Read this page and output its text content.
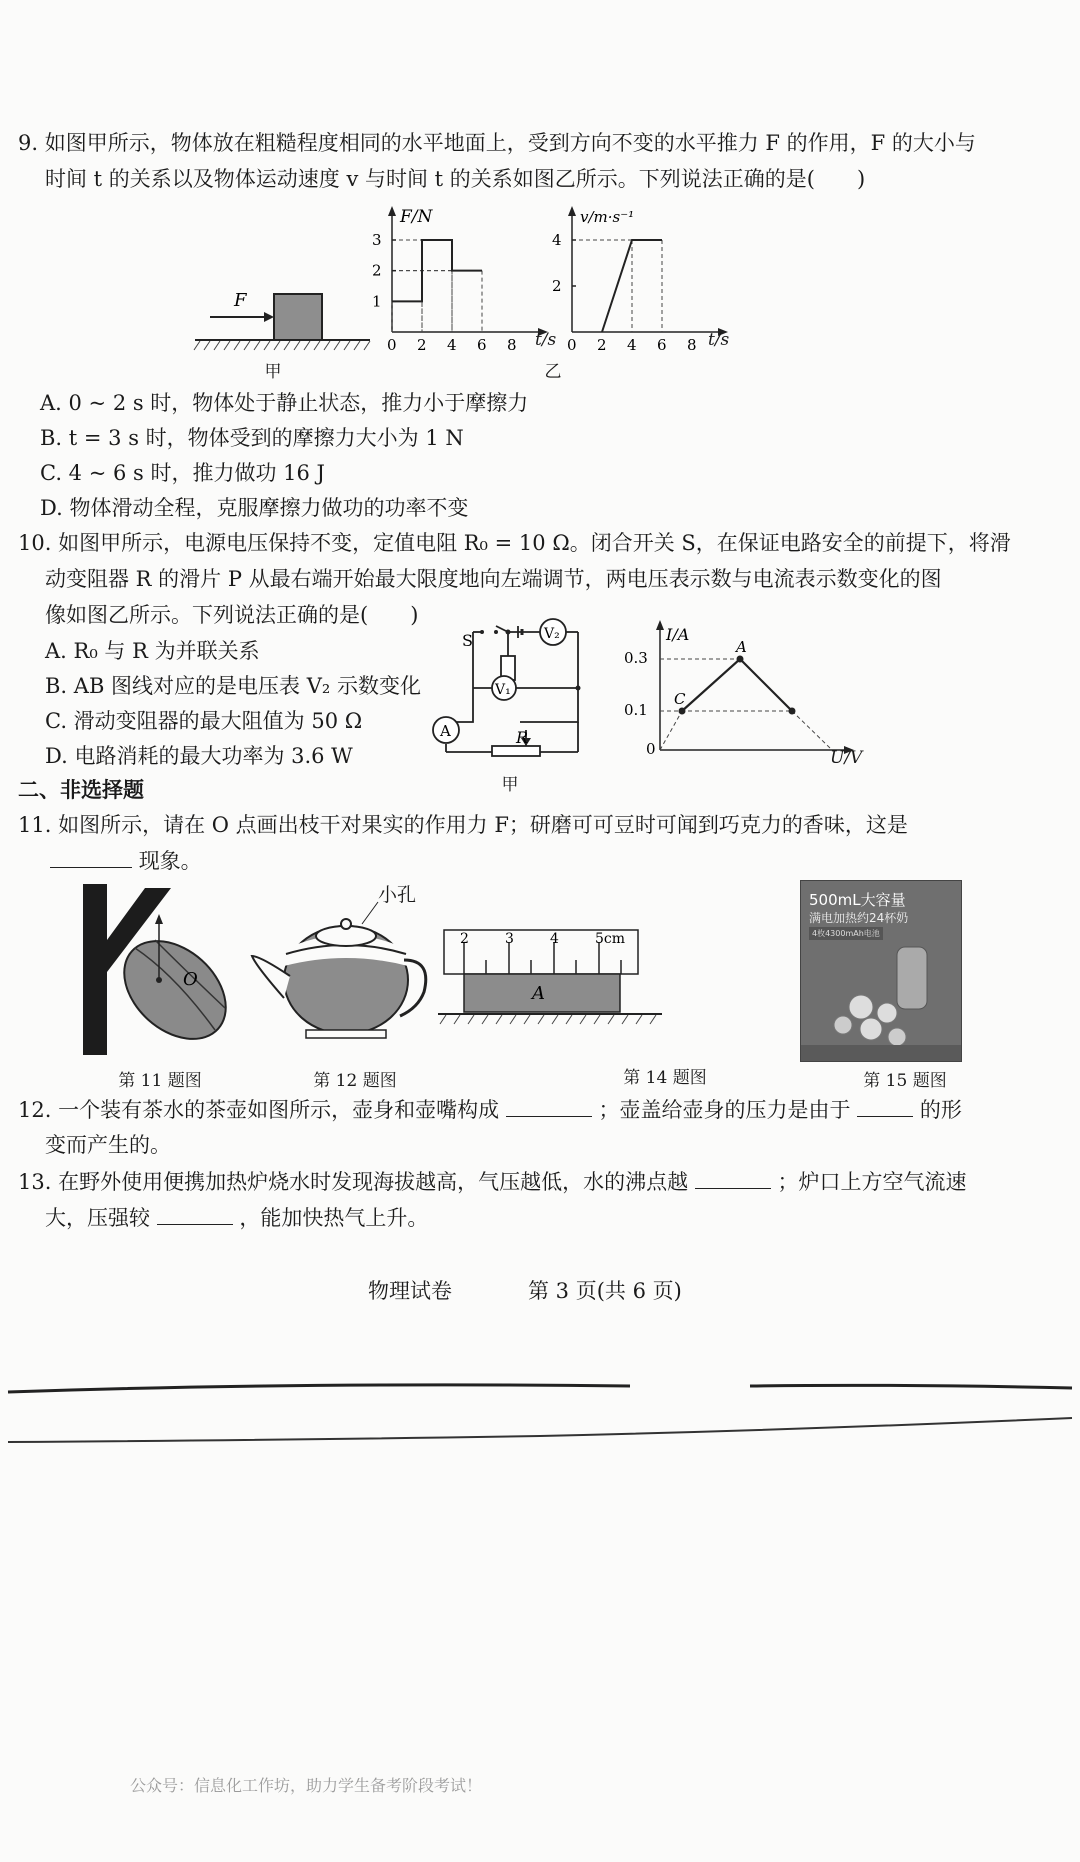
9. 如图甲所示，物体放在粗糙程度相同的水平地面上，受到方向不变的水平推力 F 的作用，F 的大小与
时间 t 的关系以及物体运动速度 v 与时间 t 的关系如图乙所示。下列说法正确的是(　　)
F
甲
F/N
0 2 4 6 8
1
2
3
t/s
v/m·s⁻¹
0 2 4 6 8
2
4
t/s
乙
A. 0 ~ 2 s 时，物体处于静止状态，推力小于摩擦力
B. t = 3 s 时，物体受到的摩擦力大小为 1 N
C. 4 ~ 6 s 时，推力做功 16 J
D. 物体滑动全程，克服摩擦力做功的功率不变
10. 如图甲所示，电源电压保持不变，定值电阻 R₀ = 10 Ω。闭合开关 S，在保证电路安全的前提下，将滑
动变阻器 R 的滑片 P 从最右端开始最大限度地向左端调节，两电压表示数与电流表示数变化的图
像如图乙所示。下列说法正确的是(　　)
A. R₀ 与 R 为并联关系
B. AB 图线对应的是电压表 V₂ 示数变化
C. 滑动变阻器的最大阻值为 50 Ω
D. 电路消耗的最大功率为 3.6 W
V₂
V₁
A
S
R
甲
I/A
0
0.1
0.3
A
C
U/V
二、非选择题
11. 如图所示，请在 O 点画出枝干对果实的作用力 F；研磨可可豆时可闻到巧克力的香味，这是
现象。
O
第 11 题图
小孔
第 12 题图
2	3	4	5cm
A
第 14 题图
500mL大容量
满电加热约24杯奶
4枚4300mAh电池
第 15 题图
12. 一个装有茶水的茶壶如图所示，壶身和壶嘴构成	；壶盖给壶身的压力是由于	的形
变而产生的。
13. 在野外使用便携加热炉烧水时发现海拔越高，气压越低，水的沸点越	；炉口上方空气流速
大，压强较	，能加快热气上升。
物理试卷	第 3 页(共 6 页)
公众号：信息化工作坊，助力学生备考阶段考试！
